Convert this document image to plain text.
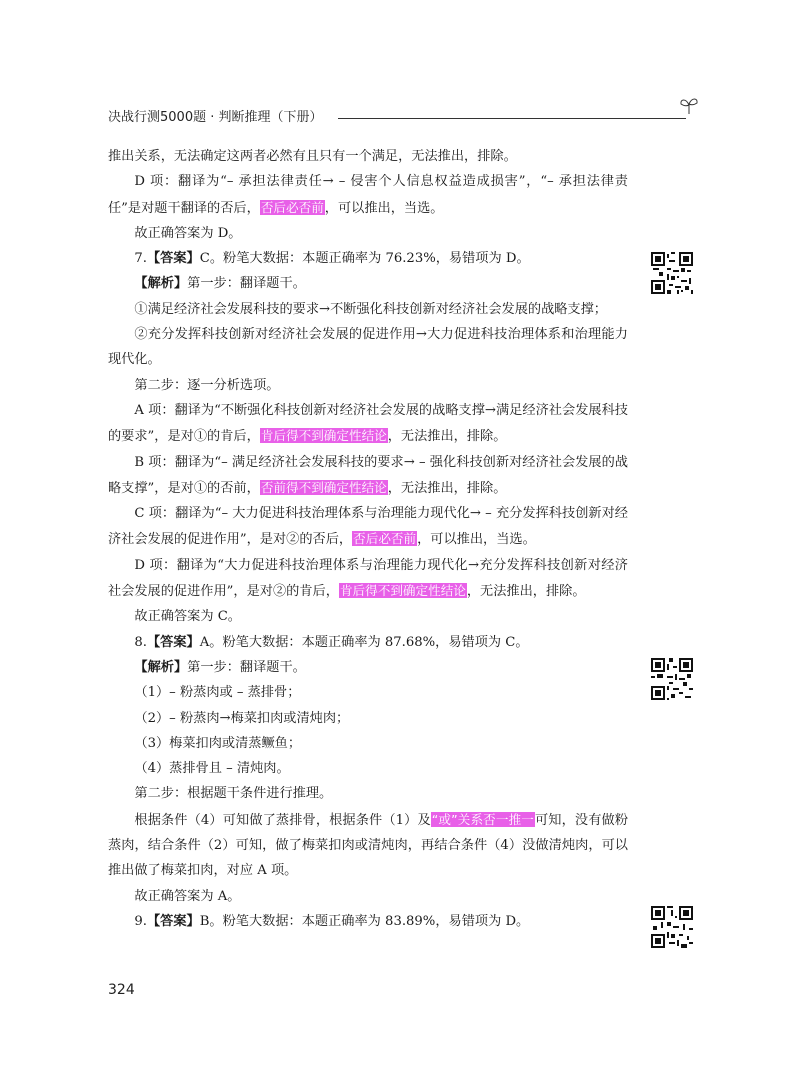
决战行测5000题 · 判断推理（下册）

推出关系，无法确定这两者必然有且只有一个满足，无法推出，排除。

D 项：翻译为“– 承担法律责任→ – 侵害个人信息权益造成损害”，“– 承担法律责任”是对题干翻译的否后，否后必否前，可以推出，当选。

故正确答案为 D。

7.【答案】C。粉笔大数据：本题正确率为 76.23%，易错项为 D。

【解析】第一步：翻译题干。

①满足经济社会发展科技的要求→不断强化科技创新对经济社会发展的战略支撑；

②充分发挥科技创新对经济社会发展的促进作用→大力促进科技治理体系和治理能力现代化。

第二步：逐一分析选项。

A 项：翻译为“不断强化科技创新对经济社会发展的战略支撑→满足经济社会发展科技的要求”，是对①的肯后，肯后得不到确定性结论，无法推出，排除。

B 项：翻译为“– 满足经济社会发展科技的要求→ – 强化科技创新对经济社会发展的战略支撑”，是对①的否前，否前得不到确定性结论，无法推出，排除。

C 项：翻译为“– 大力促进科技治理体系与治理能力现代化→ – 充分发挥科技创新对经济社会发展的促进作用”，是对②的否后，否后必否前，可以推出，当选。

D 项：翻译为“大力促进科技治理体系与治理能力现代化→充分发挥科技创新对经济社会发展的促进作用”，是对②的肯后，肯后得不到确定性结论，无法推出，排除。

故正确答案为 C。

8.【答案】A。粉笔大数据：本题正确率为 87.68%，易错项为 C。

【解析】第一步：翻译题干。

（1）– 粉蒸肉或 – 蒸排骨；

（2）– 粉蒸肉→梅菜扣肉或清炖肉；

（3）梅菜扣肉或清蒸鳜鱼；

（4）蒸排骨且 – 清炖肉。

第二步：根据题干条件进行推理。

根据条件（4）可知做了蒸排骨，根据条件（1）及“或”关系否一推一可知，没有做粉蒸肉，结合条件（2）可知，做了梅菜扣肉或清炖肉，再结合条件（4）没做清炖肉，可以推出做了梅菜扣肉，对应 A 项。

故正确答案为 A。

9.【答案】B。粉笔大数据：本题正确率为 83.89%，易错项为 D。

324
